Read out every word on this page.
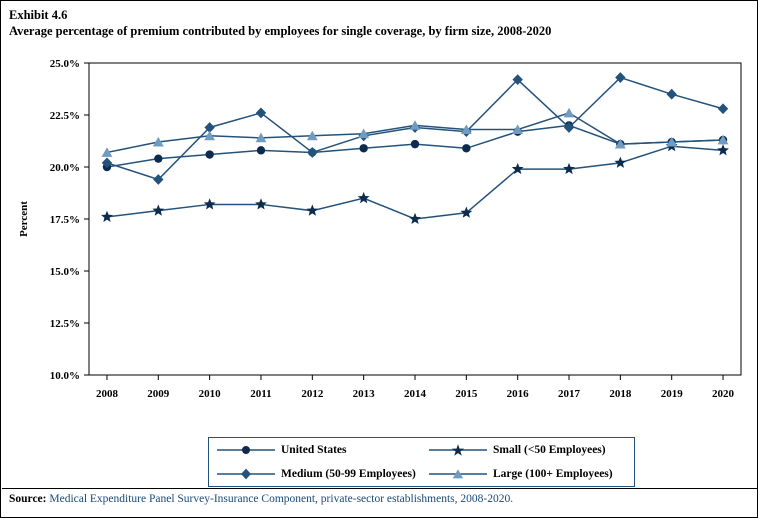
Exhibit 4.6
Average percentage of premium contributed by employees for single coverage, by firm size, 2008-2020
10.0%
12.5%
15.0%
17.5%
20.0%
22.5%
25.0%
Percent
2008	2009	2010	2011	2012	2013	2014	2015	2016	2017	2018	2019	2020
United States	Small (<50 Employees)
Medium (50-99 Employees)	Large (100+ Employees)
Source: Medical Expenditure Panel Survey-Insurance Component, private-sector establishments, 2008-2020.
